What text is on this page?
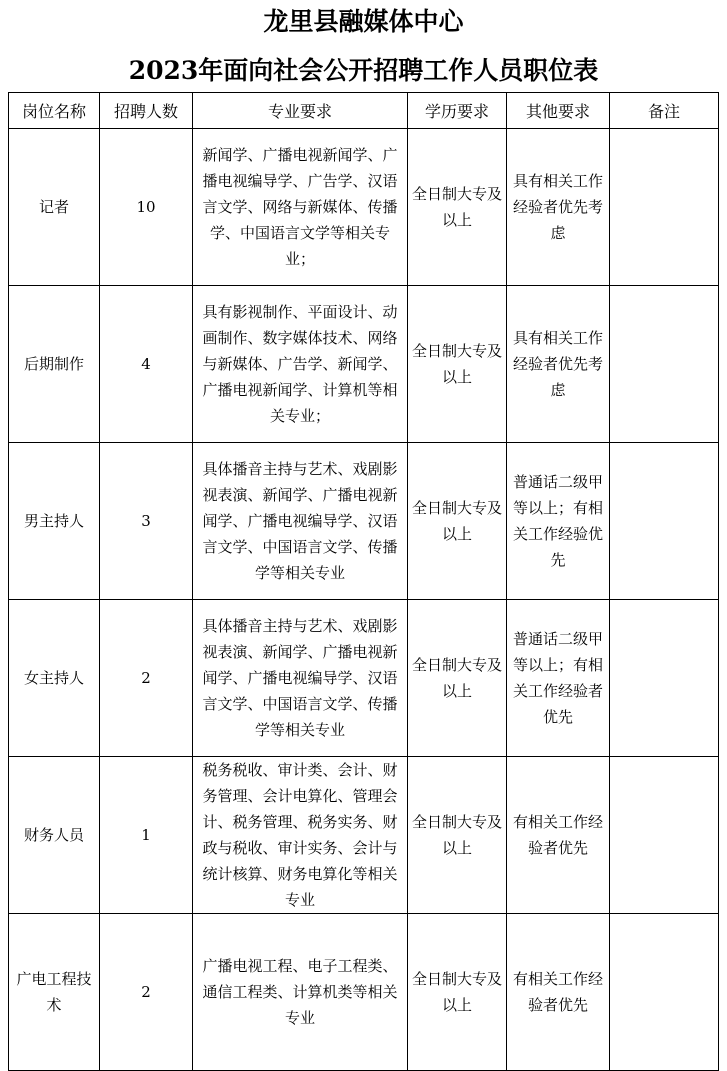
龙里县融媒体中心
2023年面向社会公开招聘工作人员职位表
岗位名称	招聘人数	专业要求	学历要求	其他要求	备注
记者	10	新闻学、广播电视新闻学、广播电视编导学、广告学、汉语言文学、网络与新媒体、传播学、中国语言文学等相关专业；	全日制大专及以上	具有相关工作经验者优先考虑	
后期制作	4	具有影视制作、平面设计、动画制作、数字媒体技术、网络与新媒体、广告学、新闻学、广播电视新闻学、计算机等相关专业；	全日制大专及以上	具有相关工作经验者优先考虑	
男主持人	3	具体播音主持与艺术、戏剧影视表演、新闻学、广播电视新闻学、广播电视编导学、汉语言文学、中国语言文学、传播学等相关专业	全日制大专及以上	普通话二级甲等以上；有相关工作经验优先	
女主持人	2	具体播音主持与艺术、戏剧影视表演、新闻学、广播电视新闻学、广播电视编导学、汉语言文学、中国语言文学、传播学等相关专业	全日制大专及以上	普通话二级甲等以上；有相关工作经验者优先	
财务人员	1	税务税收、审计类、会计、财务管理、会计电算化、管理会计、税务管理、税务实务、财政与税收、审计实务、会计与统计核算、财务电算化等相关专业	全日制大专及以上	有相关工作经验者优先	
广电工程技术	2	广播电视工程、电子工程类、通信工程类、计算机类等相关专业	全日制大专及以上	有相关工作经验者优先	
